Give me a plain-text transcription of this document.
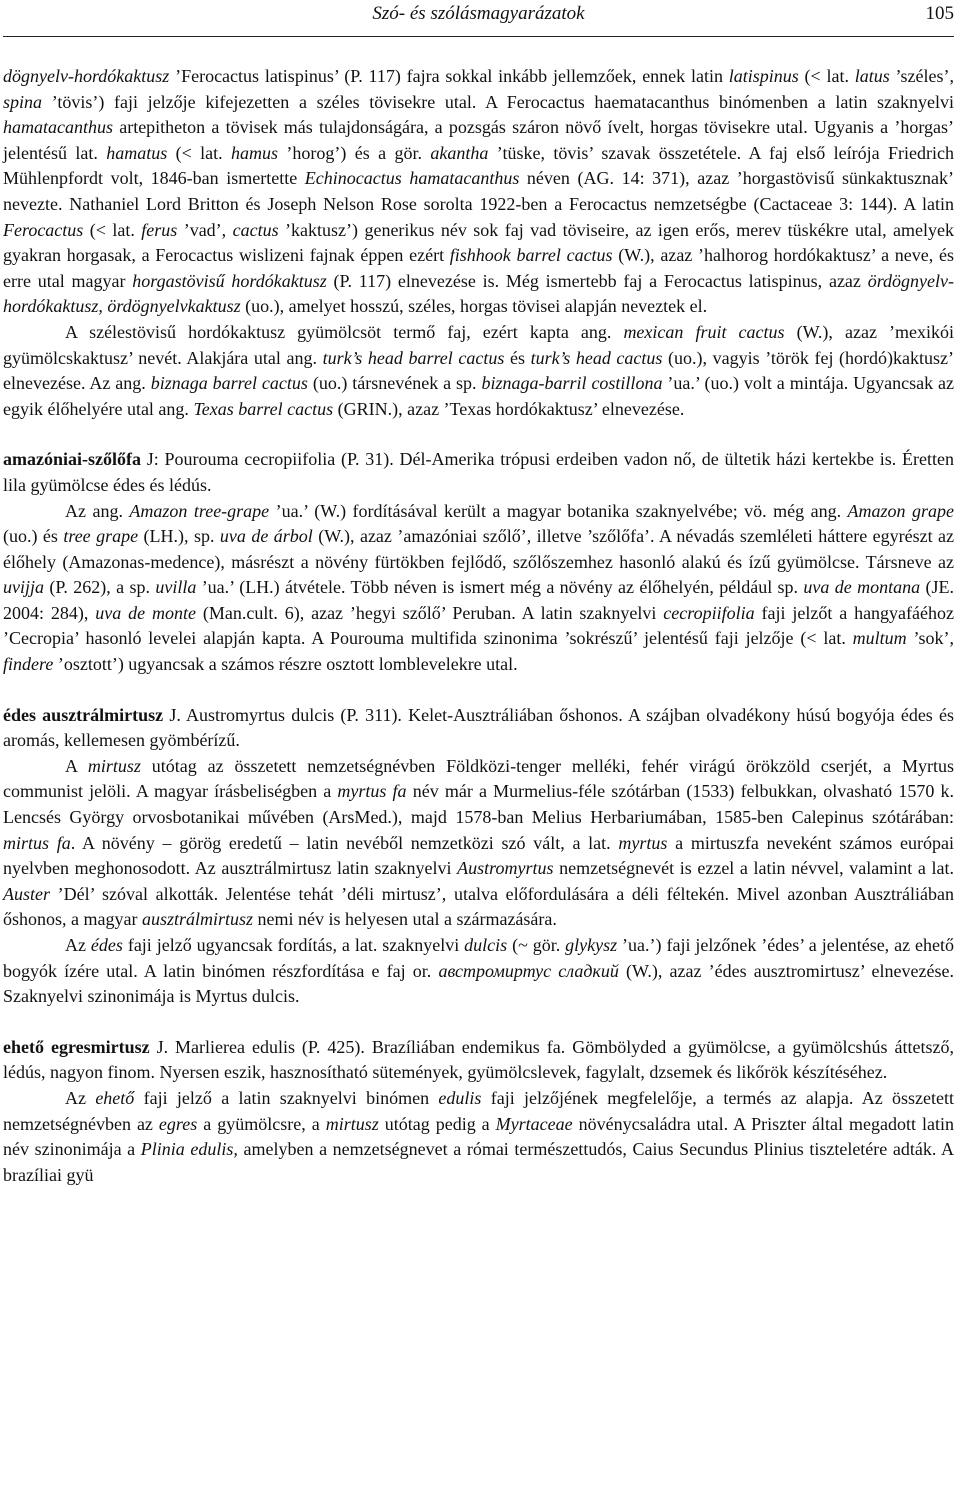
Szó- és szólásmagyarázatok	105

dögnyelv-hordókaktusz ’Ferocactus latispinus’ (P. 117) fajra sokkal inkább jellemzőek, ennek latin latispinus (< lat. latus ’széles’, spina ’tövis’) faji jelzője kifejezetten a széles tövisekre utal. A Ferocactus haematacanthus binómenben a latin szaknyelvi hamatacanthus artepitheton a tövisek más tulajdonságára, a pozsgás száron növő ívelt, horgas tövisekre utal. Ugyanis a ’horgas’ jelentésű lat. hamatus (< lat. hamus ’horog’) és a gör. akantha ’tüske, tövis’ szavak összetétele. A faj első leírója Friedrich Mühlenpfordt volt, 1846-ban ismertette Echinocactus hamatacanthus néven (AG. 14: 371), azaz ’horgastövisű sünkaktusznak’ nevezte. Nathaniel Lord Britton és Joseph Nelson Rose sorolta 1922-ben a Ferocactus nemzetségbe (Cactaceae 3: 144). A latin Ferocactus (< lat. ferus ’vad’, cactus ’kaktusz’) generikus név sok faj vad töviseire, az igen erős, merev tüskékre utal, amelyek gyakran horgasak, a Ferocactus wislizeni fajnak éppen ezért fishhook barrel cactus (W.), azaz ’halhorog hordókaktusz’ a neve, és erre utal magyar horgastövisű hordókaktusz (P. 117) elnevezése is. Még ismertebb faj a Ferocactus latispinus, azaz ördögnyelv-hordókaktusz, ördögnyelvkaktusz (uo.), amelyet hosszú, széles, horgas tövisei alapján neveztek el.

A szélestövisű hordókaktusz gyümölcsöt termő faj, ezért kapta ang. mexican fruit cactus (W.), azaz ’mexikói gyümölcskaktusz’ nevét. Alakjára utal ang. turk’s head barrel cactus és turk’s head cactus (uo.), vagyis ’török fej (hordó)kaktusz’ elnevezése. Az ang. biznaga barrel cactus (uo.) társnevének a sp. biznaga-barril costillona ’ua.’ (uo.) volt a mintája. Ugyancsak az egyik élőhelyére utal ang. Texas barrel cactus (GRIN.), azaz ’Texas hordókaktusz’ elnevezése.

amazóniai-szőlőfa J: Pourouma cecropiifolia (P. 31). Dél-Amerika trópusi erdeiben vadon nő, de ültetik házi kertekbe is. Éretten lila gyümölcse édes és lédús.

Az ang. Amazon tree-grape ’ua.’ (W.) fordításával került a magyar botanika szaknyelvébe; vö. még ang. Amazon grape (uo.) és tree grape (LH.), sp. uva de árbol (W.), azaz ’amazóniai szőlő’, illetve ’szőlőfa’. A névadás szemléleti háttere egyrészt az élőhely (Amazonas-medence), másrészt a növény fürtökben fejlődő, szőlőszemhez hasonló alakú és ízű gyümölcse. Társneve az uvijja (P. 262), a sp. uvilla ’ua.’ (LH.) átvétele. Több néven is ismert még a növény az élőhelyén, például sp. uva de montana (JE. 2004: 284), uva de monte (Man.cult. 6), azaz ’hegyi szőlő’ Peruban. A latin szaknyelvi cecropiifolia faji jelzőt a hangyafáéhoz ’Cecropia’ hasonló levelei alapján kapta. A Pourouma multifida szinonima ’sokrészű’ jelentésű faji jelzője (< lat. multum ’sok’, findere ’osztott’) ugyancsak a számos részre osztott lomblevelekre utal.

édes ausztrálmirtusz J. Austromyrtus dulcis (P. 311). Kelet-Ausztráliában őshonos. A szájban olvadékony húsú bogyója édes és aromás, kellemesen gyömbérízű.

A mirtusz utótag az összetett nemzetségnévben Földközi-tenger melléki, fehér virágú örökzöld cserjét, a Myrtus communist jelöli. A magyar írásbeliségben a myrtus fa név már a Murmelius-féle szótárban (1533) felbukkan, olvasható 1570 k. Lencsés György orvosbotanikai művében (ArsMed.), majd 1578-ban Melius Herbariumában, 1585-ben Calepinus szótárában: mirtus fa. A növény – görög eredetű – latin nevéből nemzetközi szó vált, a lat. myrtus a mirtuszfa neveként számos európai nyelvben meghonosodott. Az ausztrálmirtusz latin szaknyelvi Austromyrtus nemzetségnevét is ezzel a latin névvel, valamint a lat. Auster ’Dél’ szóval alkották. Jelentése tehát ’déli mirtusz’, utalva előfordulására a déli féltekén. Mivel azonban Ausztráliában őshonos, a magyar ausztrálmirtusz nemi név is helyesen utal a származására.

Az édes faji jelző ugyancsak fordítás, a lat. szaknyelvi dulcis (~ gör. glykysz ’ua.’) faji jelzőnek ’édes’ a jelentése, az ehető bogyók ízére utal. A latin binómen részfordítása e faj or. австромиртус сладкий (W.), azaz ’édes ausztromirtusz’ elnevezése. Szaknyelvi szinonimája is Myrtus dulcis.

ehető egresmirtusz J. Marlierea edulis (P. 425). Brazíliában endemikus fa. Gömbölyded a gyümölcse, a gyümölcshús áttetsző, lédús, nagyon finom. Nyersen eszik, hasznosítható sütemények, gyümölcslevek, fagylalt, dzsemek és likőrök készítéséhez.

Az ehető faji jelző a latin szaknyelvi binómen edulis faji jelzőjének megfelelője, a termés az alapja. Az összetett nemzetségnévben az egres a gyümölcsre, a mirtusz utótag pedig a Myrtaceae növénycsaládra utal. A Priszter által megadott latin név szinonimája a Plinia edulis, amelyben a nemzetségnevet a római természettudós, Caius Secundus Plinius tiszteletére adták. A brazíliai gyü
